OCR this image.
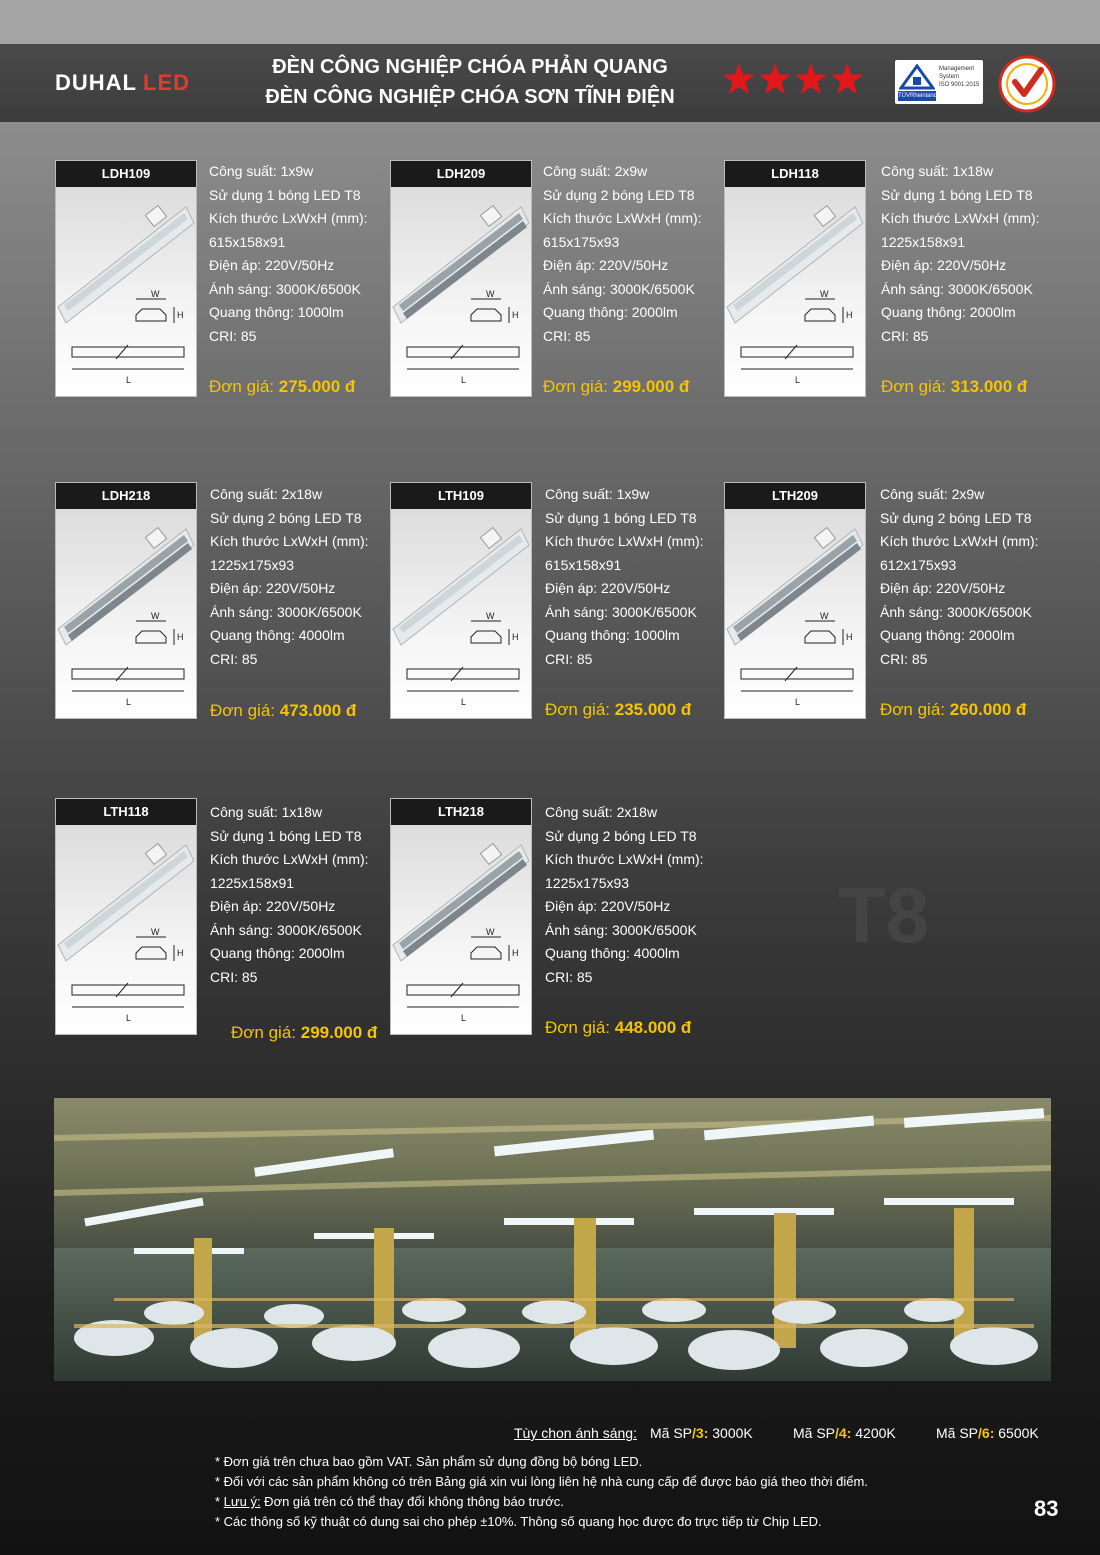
DUHAL LED
ĐÈN CÔNG NGHIỆP CHÓA PHẢN QUANG
ĐÈN CÔNG NGHIỆP CHÓA SƠN TĨNH ĐIỆN	TÜVRheinland
Management
System
ISO 9001:2015
LDH109
W
H
L
Công suất: 1x9w
Sử dụng 1 bóng LED T8
Kích thước LxWxH (mm):
615x158x91
Điện áp: 220V/50Hz
Ánh sáng: 3000K/6500K
Quang thông: 1000lm
CRI: 85
Đơn giá: 275.000 đ
LDH209
W
H
L
Công suất: 2x9w
Sử dụng 2 bóng LED T8
Kích thước LxWxH (mm):
615x175x93
Điện áp: 220V/50Hz
Ánh sáng: 3000K/6500K
Quang thông: 2000lm
CRI: 85
Đơn giá: 299.000 đ
LDH118
W
H
L
Công suất: 1x18w
Sử dụng 1 bóng LED T8
Kích thước LxWxH (mm):
1225x158x91
Điện áp: 220V/50Hz
Ánh sáng: 3000K/6500K
Quang thông: 2000lm
CRI: 85
Đơn giá: 313.000 đ
LDH218
W
H
L
Công suất: 2x18w
Sử dụng 2 bóng LED T8
Kích thước LxWxH (mm):
1225x175x93
Điện áp: 220V/50Hz
Ánh sáng: 3000K/6500K
Quang thông: 4000lm
CRI: 85
Đơn giá: 473.000 đ
LTH109
W
H
L
Công suất: 1x9w
Sử dụng 1 bóng LED T8
Kích thước LxWxH (mm):
615x158x91
Điện áp: 220V/50Hz
Ánh sáng: 3000K/6500K
Quang thông: 1000lm
CRI: 85
Đơn giá: 235.000 đ
LTH209
W
H
L
Công suất: 2x9w
Sử dụng 2 bóng LED T8
Kích thước LxWxH (mm):
612x175x93
Điện áp: 220V/50Hz
Ánh sáng: 3000K/6500K
Quang thông: 2000lm
CRI: 85
Đơn giá: 260.000 đ
LTH118
W
H
L
Công suất: 1x18w
Sử dụng 1 bóng LED T8
Kích thước LxWxH (mm):
1225x158x91
Điện áp: 220V/50Hz
Ánh sáng: 3000K/6500K
Quang thông: 2000lm
CRI: 85
Đơn giá: 299.000 đ
LTH218
W
H
L
Công suất: 2x18w
Sử dụng 2 bóng LED T8
Kích thước LxWxH (mm):
1225x175x93
Điện áp: 220V/50Hz
Ánh sáng: 3000K/6500K
Quang thông: 4000lm
CRI: 85
Đơn giá: 448.000 đ
T8
Tùy chon ánh sáng: Mã SP/3: 3000K	Mã SP/4: 4200K	Mã SP/6: 6500K
* Đơn giá trên chưa bao gồm VAT. Sản phẩm sử dụng đồng bộ bóng LED.
* Đối với các sản phẩm không có trên Bảng giá xin vui lòng liên hệ nhà cung cấp để được báo giá theo thời điểm.
* Lưu ý: Đơn giá trên có thể thay đổi không thông báo trước.
* Các thông số kỹ thuật có dung sai cho phép ±10%. Thông số quang học được đo trực tiếp từ Chip LED.
83
